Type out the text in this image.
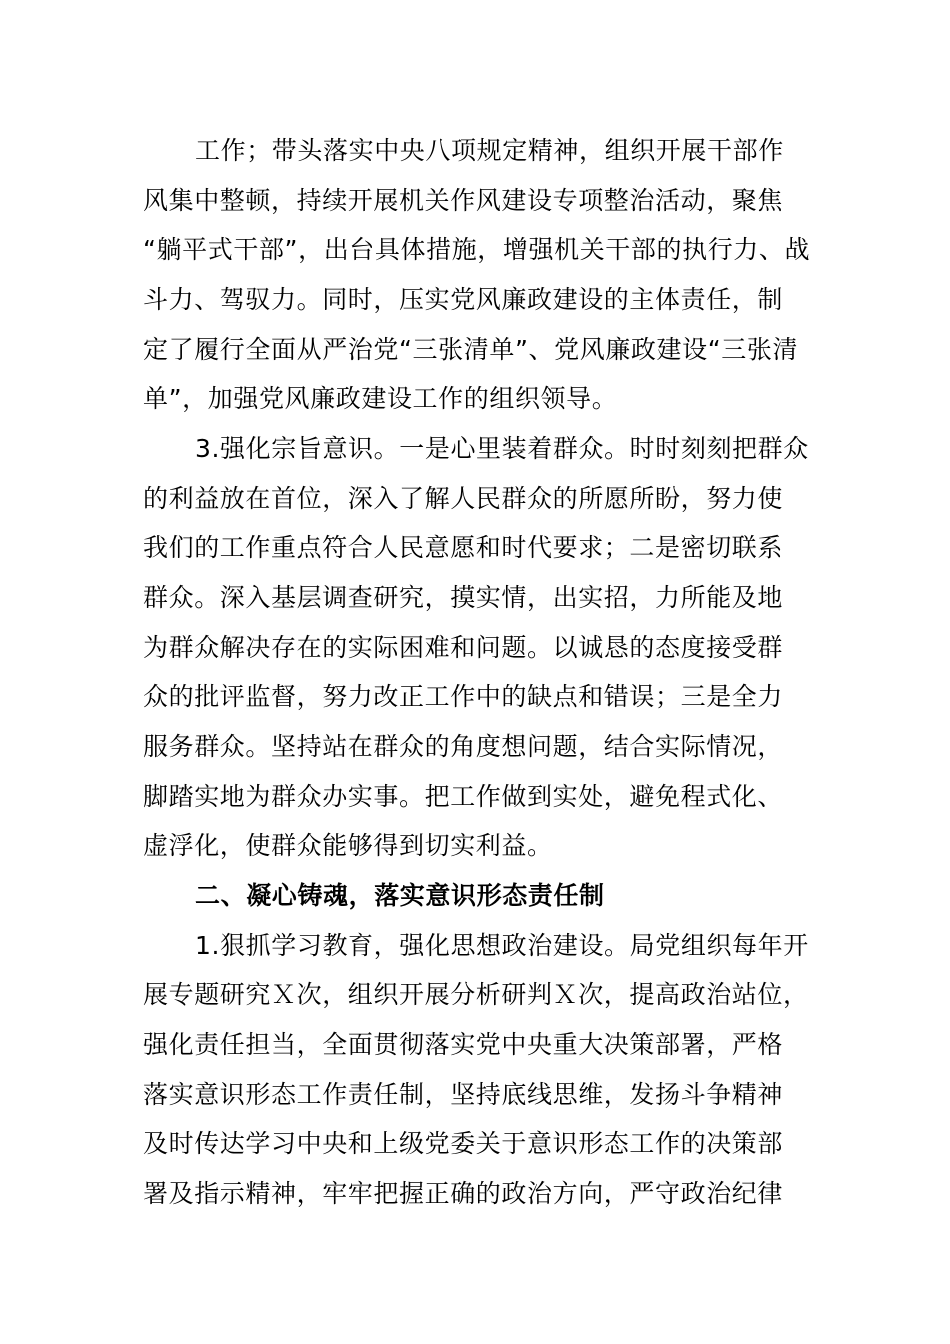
工作；带头落实中央八项规定精神，组织开展干部作
风集中整顿，持续开展机关作风建设专项整治活动，聚焦
“躺平式干部”，出台具体措施，增强机关干部的执行力、战
斗力、驾驭力。同时，压实党风廉政建设的主体责任，制
定了履行全面从严治党“三张清单”、党风廉政建设“三张清
单”，加强党风廉政建设工作的组织领导。
3.强化宗旨意识。一是心里装着群众。时时刻刻把群众
的利益放在首位，深入了解人民群众的所愿所盼，努力使
我们的工作重点符合人民意愿和时代要求；二是密切联系
群众。深入基层调查研究，摸实情，出实招，力所能及地
为群众解决存在的实际困难和问题。以诚恳的态度接受群
众的批评监督，努力改正工作中的缺点和错误；三是全力
服务群众。坚持站在群众的角度想问题，结合实际情况，
脚踏实地为群众办实事。把工作做到实处，避免程式化、
虚浮化，使群众能够得到切实利益。
二、凝心铸魂，落实意识形态责任制
1.狠抓学习教育，强化思想政治建设。局党组织每年开
展专题研究Ｘ次，组织开展分析研判Ｘ次，提高政治站位，
强化责任担当，全面贯彻落实党中央重大决策部署，严格
落实意识形态工作责任制，坚持底线思维，发扬斗争精神
及时传达学习中央和上级党委关于意识形态工作的决策部
署及指示精神，牢牢把握正确的政治方向，严守政治纪律
